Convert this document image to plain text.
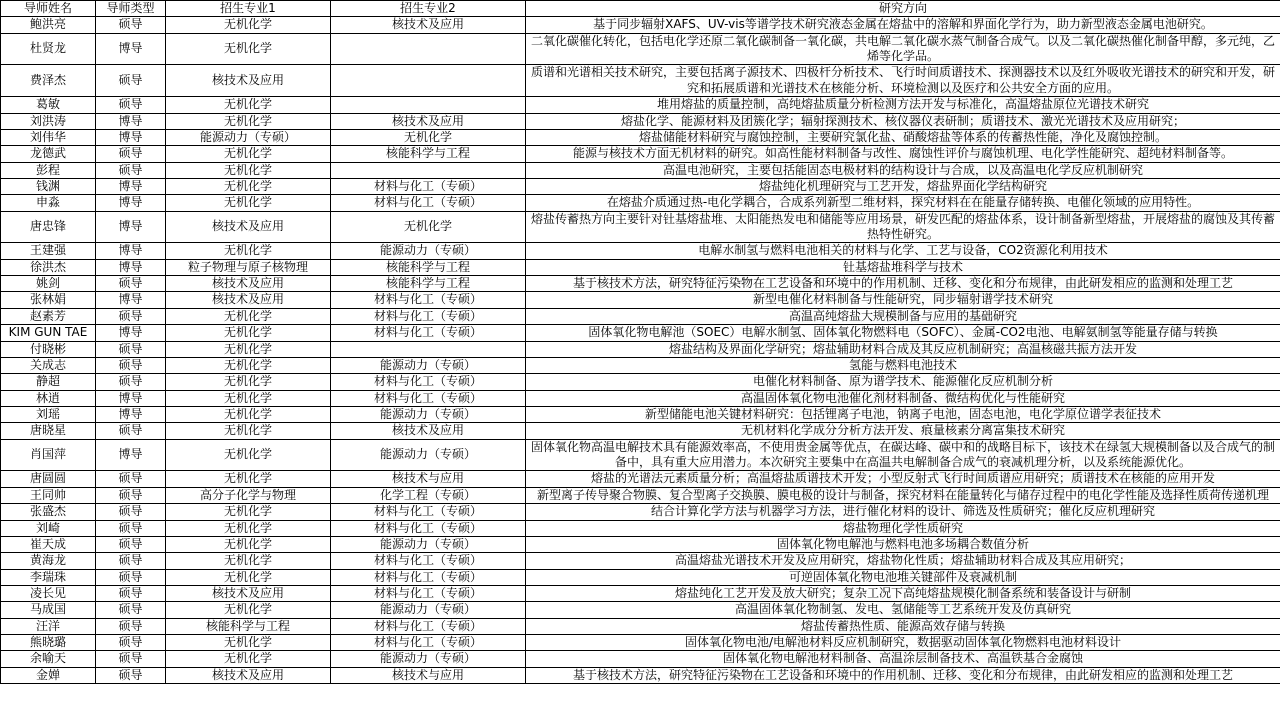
导师姓名	导师类型	招生专业1	招生专业2	研究方向
鲍洪亮	硕导	无机化学	核技术及应用	基于同步辐射XAFS、UV-vis等谱学技术研究液态金属在熔盐中的溶解和界面化学行为，助力新型液态金属电池研究。
杜贤龙	博导	无机化学		二氧化碳催化转化，包括电化学还原二氧化碳制备一氧化碳，共电解二氧化碳水蒸气制备合成气。以及二氧化碳热催化制备甲醇，多元纯，乙烯等化学品。
费泽杰	硕导	核技术及应用		质谱和光谱相关技术研究，主要包括离子源技术、四极杆分析技术、飞行时间质谱技术、探测器技术以及红外吸收光谱技术的研究和开发，研究和拓展质谱和光谱技术在核能分析、环境检测以及医疗和公共安全方面的应用。
葛敏	硕导	无机化学		堆用熔盐的质量控制，高纯熔盐质量分析检测方法开发与标准化，高温熔盐原位光谱技术研究
刘洪涛	博导	无机化学	核技术及应用	熔盐化学、能源材料及团簇化学；辐射探测技术、核仪器仪表研制；质谱技术、激光光谱技术及应用研究；
刘伟华	博导	能源动力（专硕）	无机化学	熔盐储能材料研究与腐蚀控制，主要研究氯化盐、硝酸熔盐等体系的传蓄热性能，净化及腐蚀控制。
龙德武	硕导	无机化学	核能科学与工程	能源与核技术方面无机材料的研究。如高性能材料制备与改性、腐蚀性评价与腐蚀机理、电化学性能研究、超纯材料制备等。
彭程	硕导	无机化学		高温电池研究，主要包括能固态电极材料的结构设计与合成，以及高温电化学反应机制研究
钱渊	博导	无机化学	材料与化工（专硕）	熔盐纯化机理研究与工艺开发，熔盐界面化学结构研究
申淼	博导	无机化学	材料与化工（专硕）	在熔盐介质通过热-电化学耦合，合成系列新型二维材料，探究材料在在能量存储转换、电催化领域的应用特性。
唐忠锋	博导	核技术及应用	无机化学	熔盐传蓄热方向主要针对钍基熔盐堆、太阳能热发电和储能等应用场景，研发匹配的熔盐体系，设计制备新型熔盐，开展熔盐的腐蚀及其传蓄热特性研究。
王建强	博导	无机化学	能源动力（专硕）	电解水制氢与燃料电池相关的材料与化学、工艺与设备，CO2资源化利用技术
徐洪杰	博导	粒子物理与原子核物理	核能科学与工程	钍基熔盐堆科学与技术
姚剑	硕导	核技术及应用	核能科学与工程	基于核技术方法，研究特征污染物在工艺设备和环境中的作用机制、迁移、变化和分布规律，由此研发相应的监测和处理工艺
张林娟	博导	核技术及应用	材料与化工（专硕）	新型电催化材料制备与性能研究，同步辐射谱学技术研究
赵素芳	硕导	无机化学	材料与化工（专硕）	高温高纯熔盐大规模制备与应用的基础研究
KIM GUN TAE	博导	无机化学	材料与化工（专硕）	固体氧化物电解池（SOEC）电解水制氢、固体氧化物燃料电（SOFC）、金属-CO2电池、电解氨制氢等能量存储与转换
付晓彬	硕导	无机化学		熔盐结构及界面化学研究；熔盐辅助材料合成及其反应机制研究；高温核磁共振方法开发
关成志	硕导	无机化学	能源动力（专硕）	氢能与燃料电池技术
静超	硕导	无机化学	材料与化工（专硕）	电催化材料制备、原为谱学技术、能源催化反应机制分析
林逍	博导	无机化学	材料与化工（专硕）	高温固体氧化物电池催化剂材料制备、微结构优化与性能研究
刘瑶	博导	无机化学	能源动力（专硕）	新型储能电池关键材料研究：包括锂离子电池，钠离子电池，固态电池，电化学原位谱学表征技术
唐晓星	硕导	无机化学	核技术及应用	无机材料化学成分分析方法开发、痕量核素分离富集技术研究
肖国萍	博导	无机化学	能源动力（专硕）	固体氧化物高温电解技术具有能源效率高，不使用贵金属等优点，在碳达峰、碳中和的战略目标下，该技术在绿氢大规模制备以及合成气的制备中，具有重大应用潜力。本次研究主要集中在高温共电解制备合成气的衰减机理分析，以及系统能源优化。
唐圆圆	硕导	无机化学	核技术与应用	熔盐的光谱法元素质量分析；高温熔盐质谱技术开发；小型反射式飞行时间质谱应用研究；质谱技术在核能的应用开发
王同帅	硕导	高分子化学与物理	化学工程（专硕）	新型离子传导聚合物膜、复合型离子交换膜、膜电极的设计与制备，探究材料在能量转化与储存过程中的电化学性能及选择性质荷传递机理
张盛杰	硕导	无机化学	材料与化工（专硕）	结合计算化学方法与机器学习方法，进行催化材料的设计、筛选及性质研究；催化反应机理研究
刘崎	硕导	无机化学	材料与化工（专硕）	熔盐物理化学性质研究
崔天成	硕导	无机化学	能源动力（专硕）	固体氧化物电解池与燃料电池多场耦合数值分析
黄海龙	硕导	无机化学	材料与化工（专硕）	高温熔盐光谱技术开发及应用研究，熔盐物化性质；熔盐辅助材料合成及其应用研究；
李瑞珠	硕导	无机化学	材料与化工（专硕）	可逆固体氧化物电池堆关键部件及衰减机制
凌长见	硕导	核技术及应用	材料与化工（专硕）	熔盐纯化工艺开发及放大研究；复杂工况下高纯熔盐规模化制备系统和装备设计与研制
马成国	硕导	无机化学	能源动力（专硕）	高温固体氧化物制氢、发电、氢储能等工艺系统开发及仿真研究
汪洋	硕导	核能科学与工程	材料与化工（专硕）	熔盐传蓄热性质、能源高效存储与转换
熊晓璐	硕导	无机化学	材料与化工（专硕）	固体氧化物电池/电解池材料反应机制研究，数据驱动固体氧化物燃料电池材料设计
余喻天	硕导	无机化学	能源动力（专硕）	固体氧化物电解池材料制备、高温涂层制备技术、高温铁基合金腐蚀
金婵	硕导	核技术及应用	核技术与应用	基于核技术方法，研究特征污染物在工艺设备和环境中的作用机制、迁移、变化和分布规律，由此研发相应的监测和处理工艺
